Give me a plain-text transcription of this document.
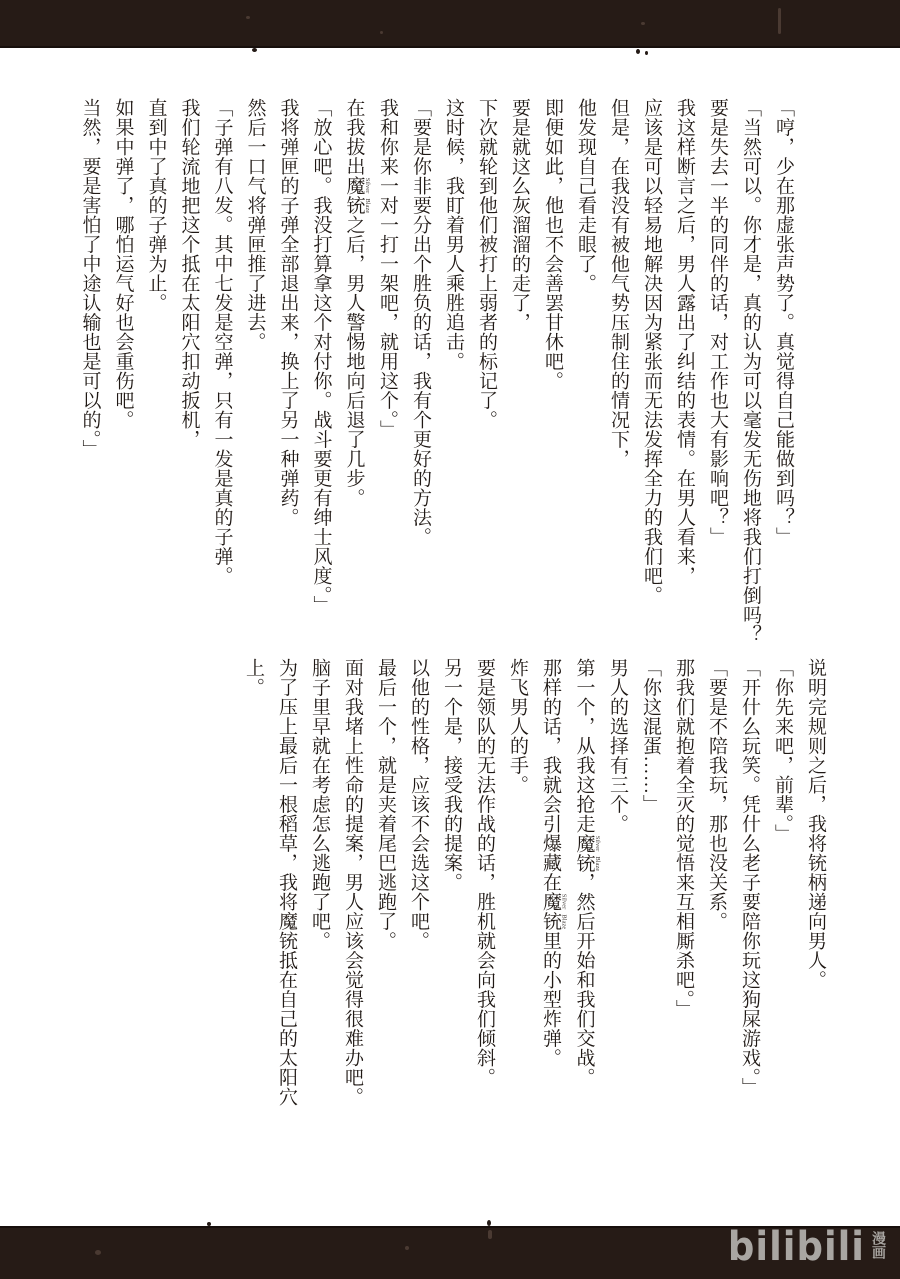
「哼，少在那虚张声势了。真觉得自己能做到吗？」

「当然可以。你才是，真的认为可以毫发无伤地将我们打倒吗？

要是失去一半的同伴的话，对工作也大有影响吧？」

我这样断言之后，男人露出了纠结的表情。在男人看来，

应该是可以轻易地解决因为紧张而无法发挥全力的我们吧。

但是，在我没有被他气势压制住的情况下，

他发现自己看走眼了。

即便如此，他也不会善罢甘休吧。

要是就这么灰溜溜的走了，

下次就轮到他们被打上弱者的标记了。

这时候，我盯着男人乘胜追击。

「要是你非要分出个胜负的话，我有个更好的方法。

我和你来一对一打一架吧，就用这个。」

在我拔出魔铳 Silver Blaze之后，男人警惕地向后退了几步。

「放心吧。我没打算拿这个对付你。战斗要更有绅士风度。」

我将弹匣的子弹全部退出来，换上了另一种弹药。

然后一口气将弹匣推了进去。

「子弹有八发。其中七发是空弹，只有一发是真的子弹。

我们轮流地把这个抵在太阳穴扣动扳机，

直到中了真的子弹为止。

如果中弹了，哪怕运气好也会重伤吧。

当然，要是害怕了中途认输也是可以的。」

说明完规则之后，我将铳柄递向男人。

「你先来吧，前辈。」

「开什么玩笑。凭什么老子要陪你玩这狗屎游戏。」

「要是不陪我玩，那也没关系。

那我们就抱着全灭的觉悟来互相厮杀吧。」

「你这混蛋……」

男人的选择有三个。

第一个，从我这抢走魔铳 Silver Blaze，然后开始和我们交战。

那样的话，我就会引爆藏在魔铳 Silver Blaze里的小型炸弹。

炸飞男人的手。

要是领队的无法作战的话，胜机就会向我们倾斜。

另一个是，接受我的提案。

以他的性格，应该不会选这个吧。

最后一个，就是夹着尾巴逃跑了。

面对我堵上性命的提案，男人应该会觉得很难办吧。

脑子里早就在考虑怎么逃跑了吧。

为了压上最后一根稻草，我将魔铳抵在自己的太阳穴上。

bilibili 漫画
